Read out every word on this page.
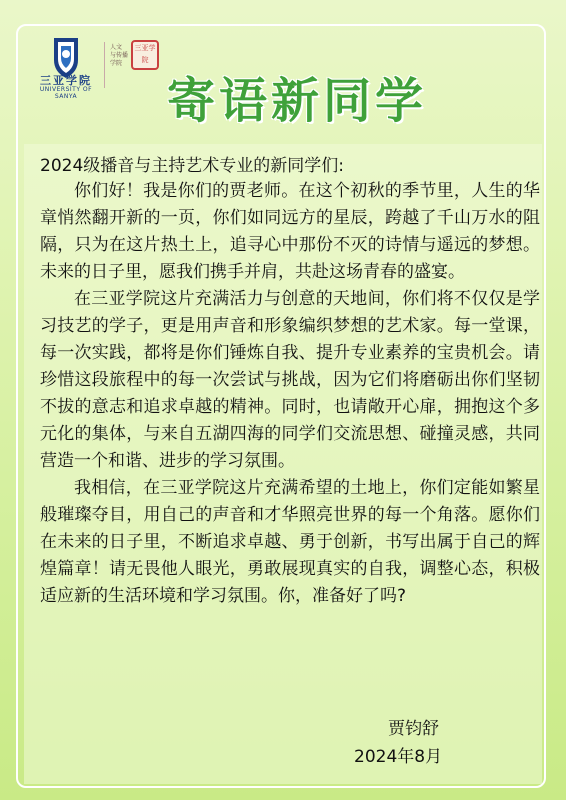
三亚学院
UNIVERSITY OF SANYA
人文
与传播
学院
三亚学院
寄语新同学
2024级播音与主持艺术专业的新同学们:

你们好！我是你们的贾老师。在这个初秋的季节里，人生的华章悄然翻开新的一页，你们如同远方的星辰，跨越了千山万水的阻隔，只为在这片热土上，追寻心中那份不灭的诗情与遥远的梦想。未来的日子里，愿我们携手并肩，共赴这场青春的盛宴。

在三亚学院这片充满活力与创意的天地间，你们将不仅仅是学习技艺的学子，更是用声音和形象编织梦想的艺术家。每一堂课，每一次实践，都将是你们锤炼自我、提升专业素养的宝贵机会。请珍惜这段旅程中的每一次尝试与挑战，因为它们将磨砺出你们坚韧不拔的意志和追求卓越的精神。同时，也请敞开心扉，拥抱这个多元化的集体，与来自五湖四海的同学们交流思想、碰撞灵感，共同营造一个和谐、进步的学习氛围。

我相信，在三亚学院这片充满希望的土地上，你们定能如繁星般璀璨夺目，用自己的声音和才华照亮世界的每一个角落。愿你们在未来的日子里，不断追求卓越、勇于创新，书写出属于自己的辉煌篇章！请无畏他人眼光，勇敢展现真实的自我，调整心态，积极适应新的生活环境和学习氛围。你，准备好了吗?

贾钧舒
2024年8月
